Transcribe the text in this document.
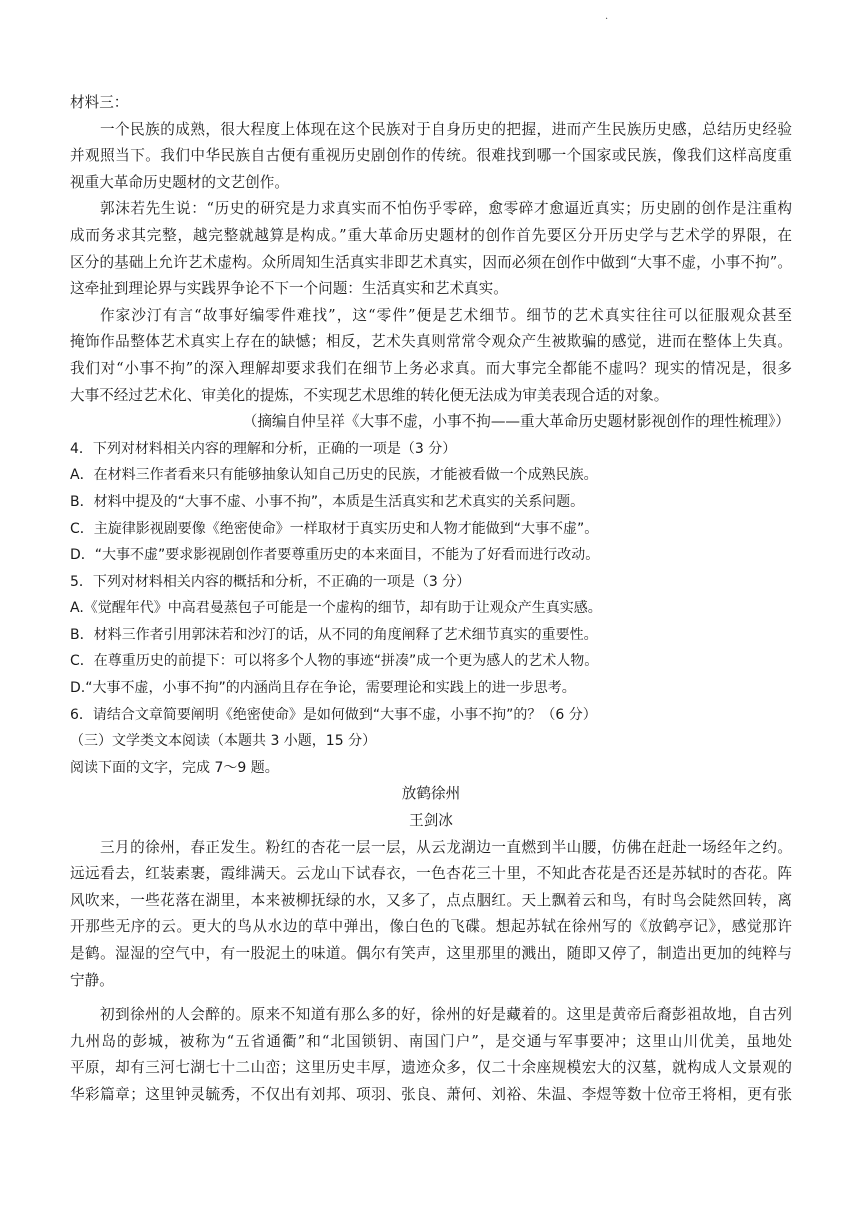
·
材料三：
一个民族的成熟，很大程度上体现在这个民族对于自身历史的把握，进而产生民族历史感，总结历史经验
并观照当下。我们中华民族自古便有重视历史剧创作的传统。很难找到哪一个国家或民族，像我们这样高度重
视重大革命历史题材的文艺创作。
郭沫若先生说：“历史的研究是力求真实而不怕伤乎零碎，愈零碎才愈逼近真实；历史剧的创作是注重构
成而务求其完整，越完整就越算是构成。”重大革命历史题材的创作首先要区分开历史学与艺术学的界限，在
区分的基础上允许艺术虚构。众所周知生活真实非即艺术真实，因而必须在创作中做到“大事不虚，小事不拘”。
这牵扯到理论界与实践界争论不下一个问题：生活真实和艺术真实。
作家沙汀有言“故事好编零件难找”，这“零件”便是艺术细节。细节的艺术真实往往可以征服观众甚至
掩饰作品整体艺术真实上存在的缺憾；相反，艺术失真则常常令观众产生被欺骗的感觉，进而在整体上失真。
我们对“小事不拘”的深入理解却要求我们在细节上务必求真。而大事完全都能不虚吗？现实的情况是，很多
大事不经过艺术化、审美化的提炼，不实现艺术思维的转化便无法成为审美表现合适的对象。
（摘编自仲呈祥《大事不虚，小事不拘——重大革命历史题材影视创作的理性梳理》）
4．下列对材料相关内容的理解和分析，正确的一项是（3 分）
A．在材料三作者看来只有能够抽象认知自己历史的民族，才能被看做一个成熟民族。
B．材料中提及的“大事不虚、小事不拘”，本质是生活真实和艺术真实的关系问题。
C．主旋律影视剧要像《绝密使命》一样取材于真实历史和人物才能做到“大事不虚”。
D．“大事不虚”要求影视剧创作者要尊重历史的本来面目，不能为了好看而进行改动。
5．下列对材料相关内容的概括和分析，不正确的一项是（3 分）
A.《觉醒年代》中高君曼蒸包子可能是一个虚构的细节，却有助于让观众产生真实感。
B．材料三作者引用郭沫若和沙汀的话，从不同的角度阐释了艺术细节真实的重要性。
C．在尊重历史的前提下：可以将多个人物的事迹“拼凑”成一个更为感人的艺术人物。
D.“大事不虚，小事不拘”的内涵尚且存在争论，需要理论和实践上的进一步思考。
6．请结合文章简要阐明《绝密使命》是如何做到“大事不虚，小事不拘”的？（6 分）
（三）文学类文本阅读（本题共 3 小题，15 分）
阅读下面的文字，完成 7～9 题。
放鹤徐州
王剑冰
三月的徐州，春正发生。粉红的杏花一层一层，从云龙湖边一直燃到半山腰，仿佛在赶赴一场经年之约。
远远看去，红装素裹，霞绯满天。云龙山下试春衣，一色杏花三十里，不知此杏花是否还是苏轼时的杏花。阵
风吹来，一些花落在湖里，本来被柳抚绿的水，又多了，点点胭红。天上飘着云和鸟，有时鸟会陡然回转，离
开那些无序的云。更大的鸟从水边的草中弹出，像白色的飞碟。想起苏轼在徐州写的《放鹤亭记》，感觉那许
是鹤。湿湿的空气中，有一股泥土的味道。偶尔有笑声，这里那里的溅出，随即又停了，制造出更加的纯粹与
宁静。
初到徐州的人会醉的。原来不知道有那么多的好，徐州的好是藏着的。这里是黄帝后裔彭祖故地，自古列
九州岛的彭城，被称为“五省通衢”和“北国锁钥、南国门户”，是交通与军事要冲；这里山川优美，虽地处
平原，却有三河七湖七十二山峦；这里历史丰厚，遗迹众多，仅二十余座规模宏大的汉墓，就构成人文景观的
华彩篇章；这里钟灵毓秀，不仅出有刘邦、项羽、张良、萧何、刘裕、朱温、李煜等数十位帝王将相，更有张
